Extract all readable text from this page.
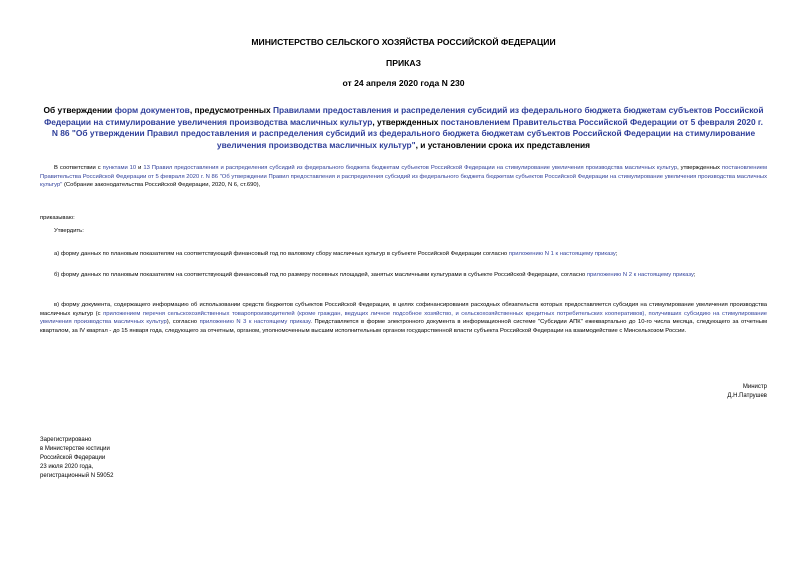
МИНИСТЕРСТВО СЕЛЬСКОГО ХОЗЯЙСТВА РОССИЙСКОЙ ФЕДЕРАЦИИ

ПРИКАЗ

от 24 апреля 2020 года N 230

Об утверждении форм документов, предусмотренных Правилами предоставления и распределения субсидий из федерального бюджета бюджетам субъектов Российской Федерации на стимулирование увеличения производства масличных культур, утвержденных постановлением Правительства Российской Федерации от 5 февраля 2020 г. N 86 "Об утверждении Правил предоставления и распределения субсидий из федерального бюджета бюджетам субъектов Российской Федерации на стимулирование увеличения производства масличных культур", и установлении срока их представления

В соответствии с пунктами 10 и 13 Правил предоставления и распределения субсидий из федерального бюджета бюджетам субъектов Российской Федерации на стимулирование увеличения производства масличных культур, утвержденных постановлением Правительства Российской Федерации от 5 февраля 2020 г. N 86 "Об утверждении Правил предоставления и распределения субсидий из федерального бюджета бюджетам субъектов Российской Федерации на стимулирование увеличения производства масличных культур" (Собрание законодательства Российской Федерации, 2020, N 6, ст.690),

приказываю:

Утвердить:

а) форму данных по плановым показателям на соответствующий финансовый год по валовому сбору масличных культур в субъекте Российской Федерации согласно приложению N 1 к настоящему приказу;

б) форму данных по плановым показателям на соответствующий финансовый год по размеру посевных площадей, занятых масличными культурами в субъекте Российской Федерации, согласно приложению N 2 к настоящему приказу;

в) форму документа, содержащего информацию об использовании средств бюджетов субъектов Российской Федерации, в целях софинансирования расходных обязательств которых предоставляется субсидия на стимулирование увеличения производства масличных культур (с приложением перечня сельскохозяйственных товаропроизводителей (кроме граждан, ведущих личное подсобное хозяйство, и сельскохозяйственных кредитных потребительских кооперативов), получивших субсидию на стимулирование увеличения производства масличных культур), согласно приложению N 3 к настоящему приказу. Представляется в форме электронного документа в информационной системе "Субсидии АПК" ежеквартально до 10-го числа месяца, следующего за отчетным кварталом, за IV квартал - до 15 января года, следующего за отчетным, органом, уполномоченным высшим исполнительным органом государственной власти субъекта Российской Федерации на взаимодействие с Минсельхозом России.

Министр
Д.Н.Патрушев
Зарегистрировано
в Министерстве юстиции
Российской Федерации
23 июля 2020 года,
регистрационный N 59052
